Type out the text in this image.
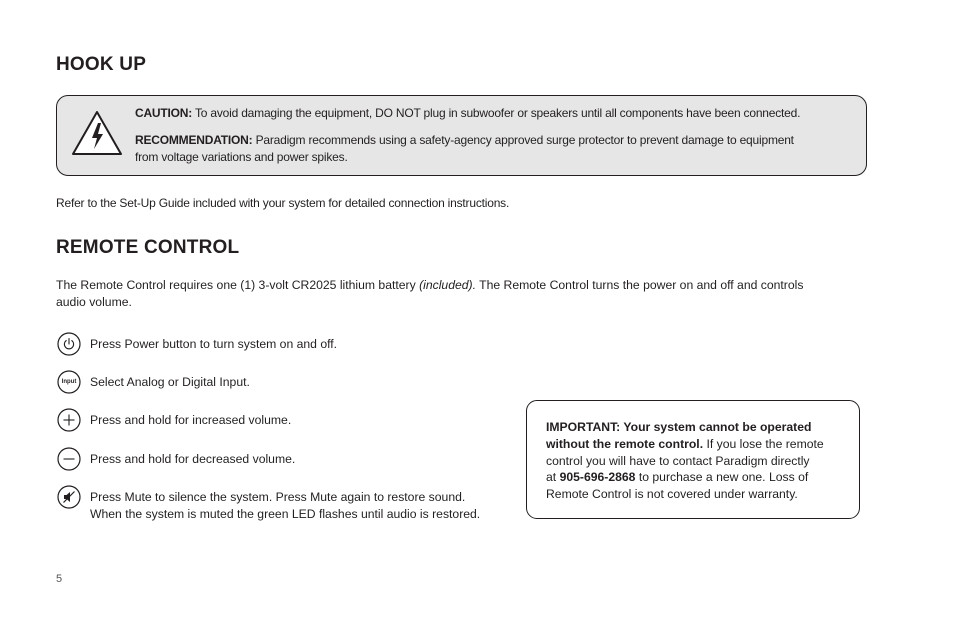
HOOK UP
CAUTION: To avoid damaging the equipment, DO NOT plug in subwoofer or speakers until all components have been connected.
RECOMMENDATION: Paradigm recommends using a safety-agency approved surge protector to prevent damage to equipment
from voltage variations and power spikes.
Refer to the Set-Up Guide included with your system for detailed connection instructions.
REMOTE CONTROL
The Remote Control requires one (1) 3-volt CR2025 lithium battery (included). The Remote Control turns the power on and off and controls
audio volume.
Press Power button to turn system on and off.
Input	Select Analog or Digital Input.
Press and hold for increased volume.
Press and hold for decreased volume.
Press Mute to silence the system. Press Mute again to restore sound.
When the system is muted the green LED flashes until audio is restored.
IMPORTANT: Your system cannot be operated
without the remote control. If you lose the remote
control you will have to contact Paradigm directly
at 905-696-2868 to purchase a new one. Loss of
Remote Control is not covered under warranty.
5
